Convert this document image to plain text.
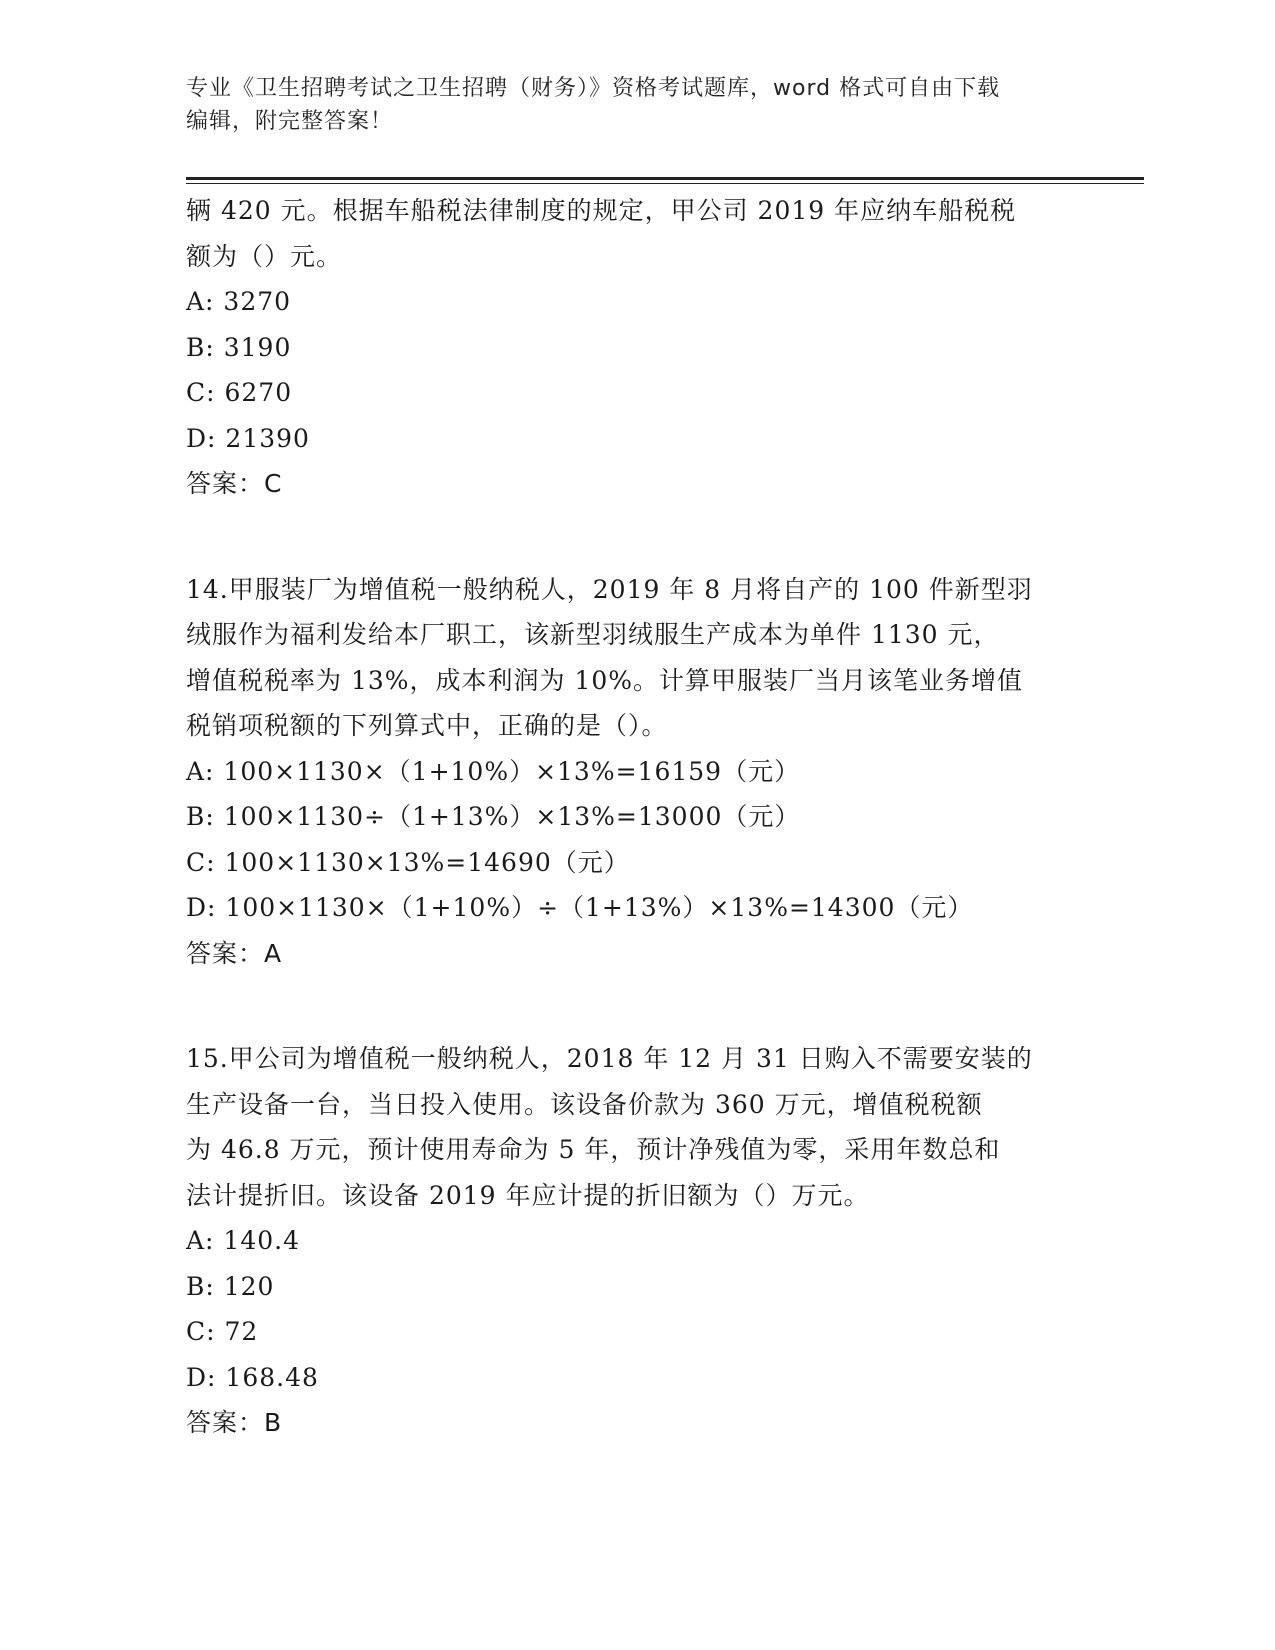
专业《卫生招聘考试之卫生招聘（财务）》资格考试题库，word 格式可自由下载
编辑，附完整答案！
辆 420 元。根据车船税法律制度的规定，甲公司 2019 年应纳车船税税
额为（）元。
A: 3270
B: 3190
C: 6270
D: 21390
答案：C
14.甲服装厂为增值税一般纳税人，2019 年 8 月将自产的 100 件新型羽
绒服作为福利发给本厂职工，该新型羽绒服生产成本为单件 1130 元，
增值税税率为 13%，成本利润为 10%。计算甲服装厂当月该笔业务增值
税销项税额的下列算式中，正确的是（）。
A: 100×1130×（1+10%）×13%=16159（元）
B: 100×1130÷（1+13%）×13%=13000（元）
C: 100×1130×13%=14690（元）
D: 100×1130×（1+10%）÷（1+13%）×13%=14300（元）
答案：A
15.甲公司为增值税一般纳税人，2018 年 12 月 31 日购入不需要安装的
生产设备一台，当日投入使用。该设备价款为 360 万元，增值税税额
为 46.8 万元，预计使用寿命为 5 年，预计净残值为零，采用年数总和
法计提折旧。该设备 2019 年应计提的折旧额为（）万元。
A: 140.4
B: 120
C: 72
D: 168.48
答案：B
